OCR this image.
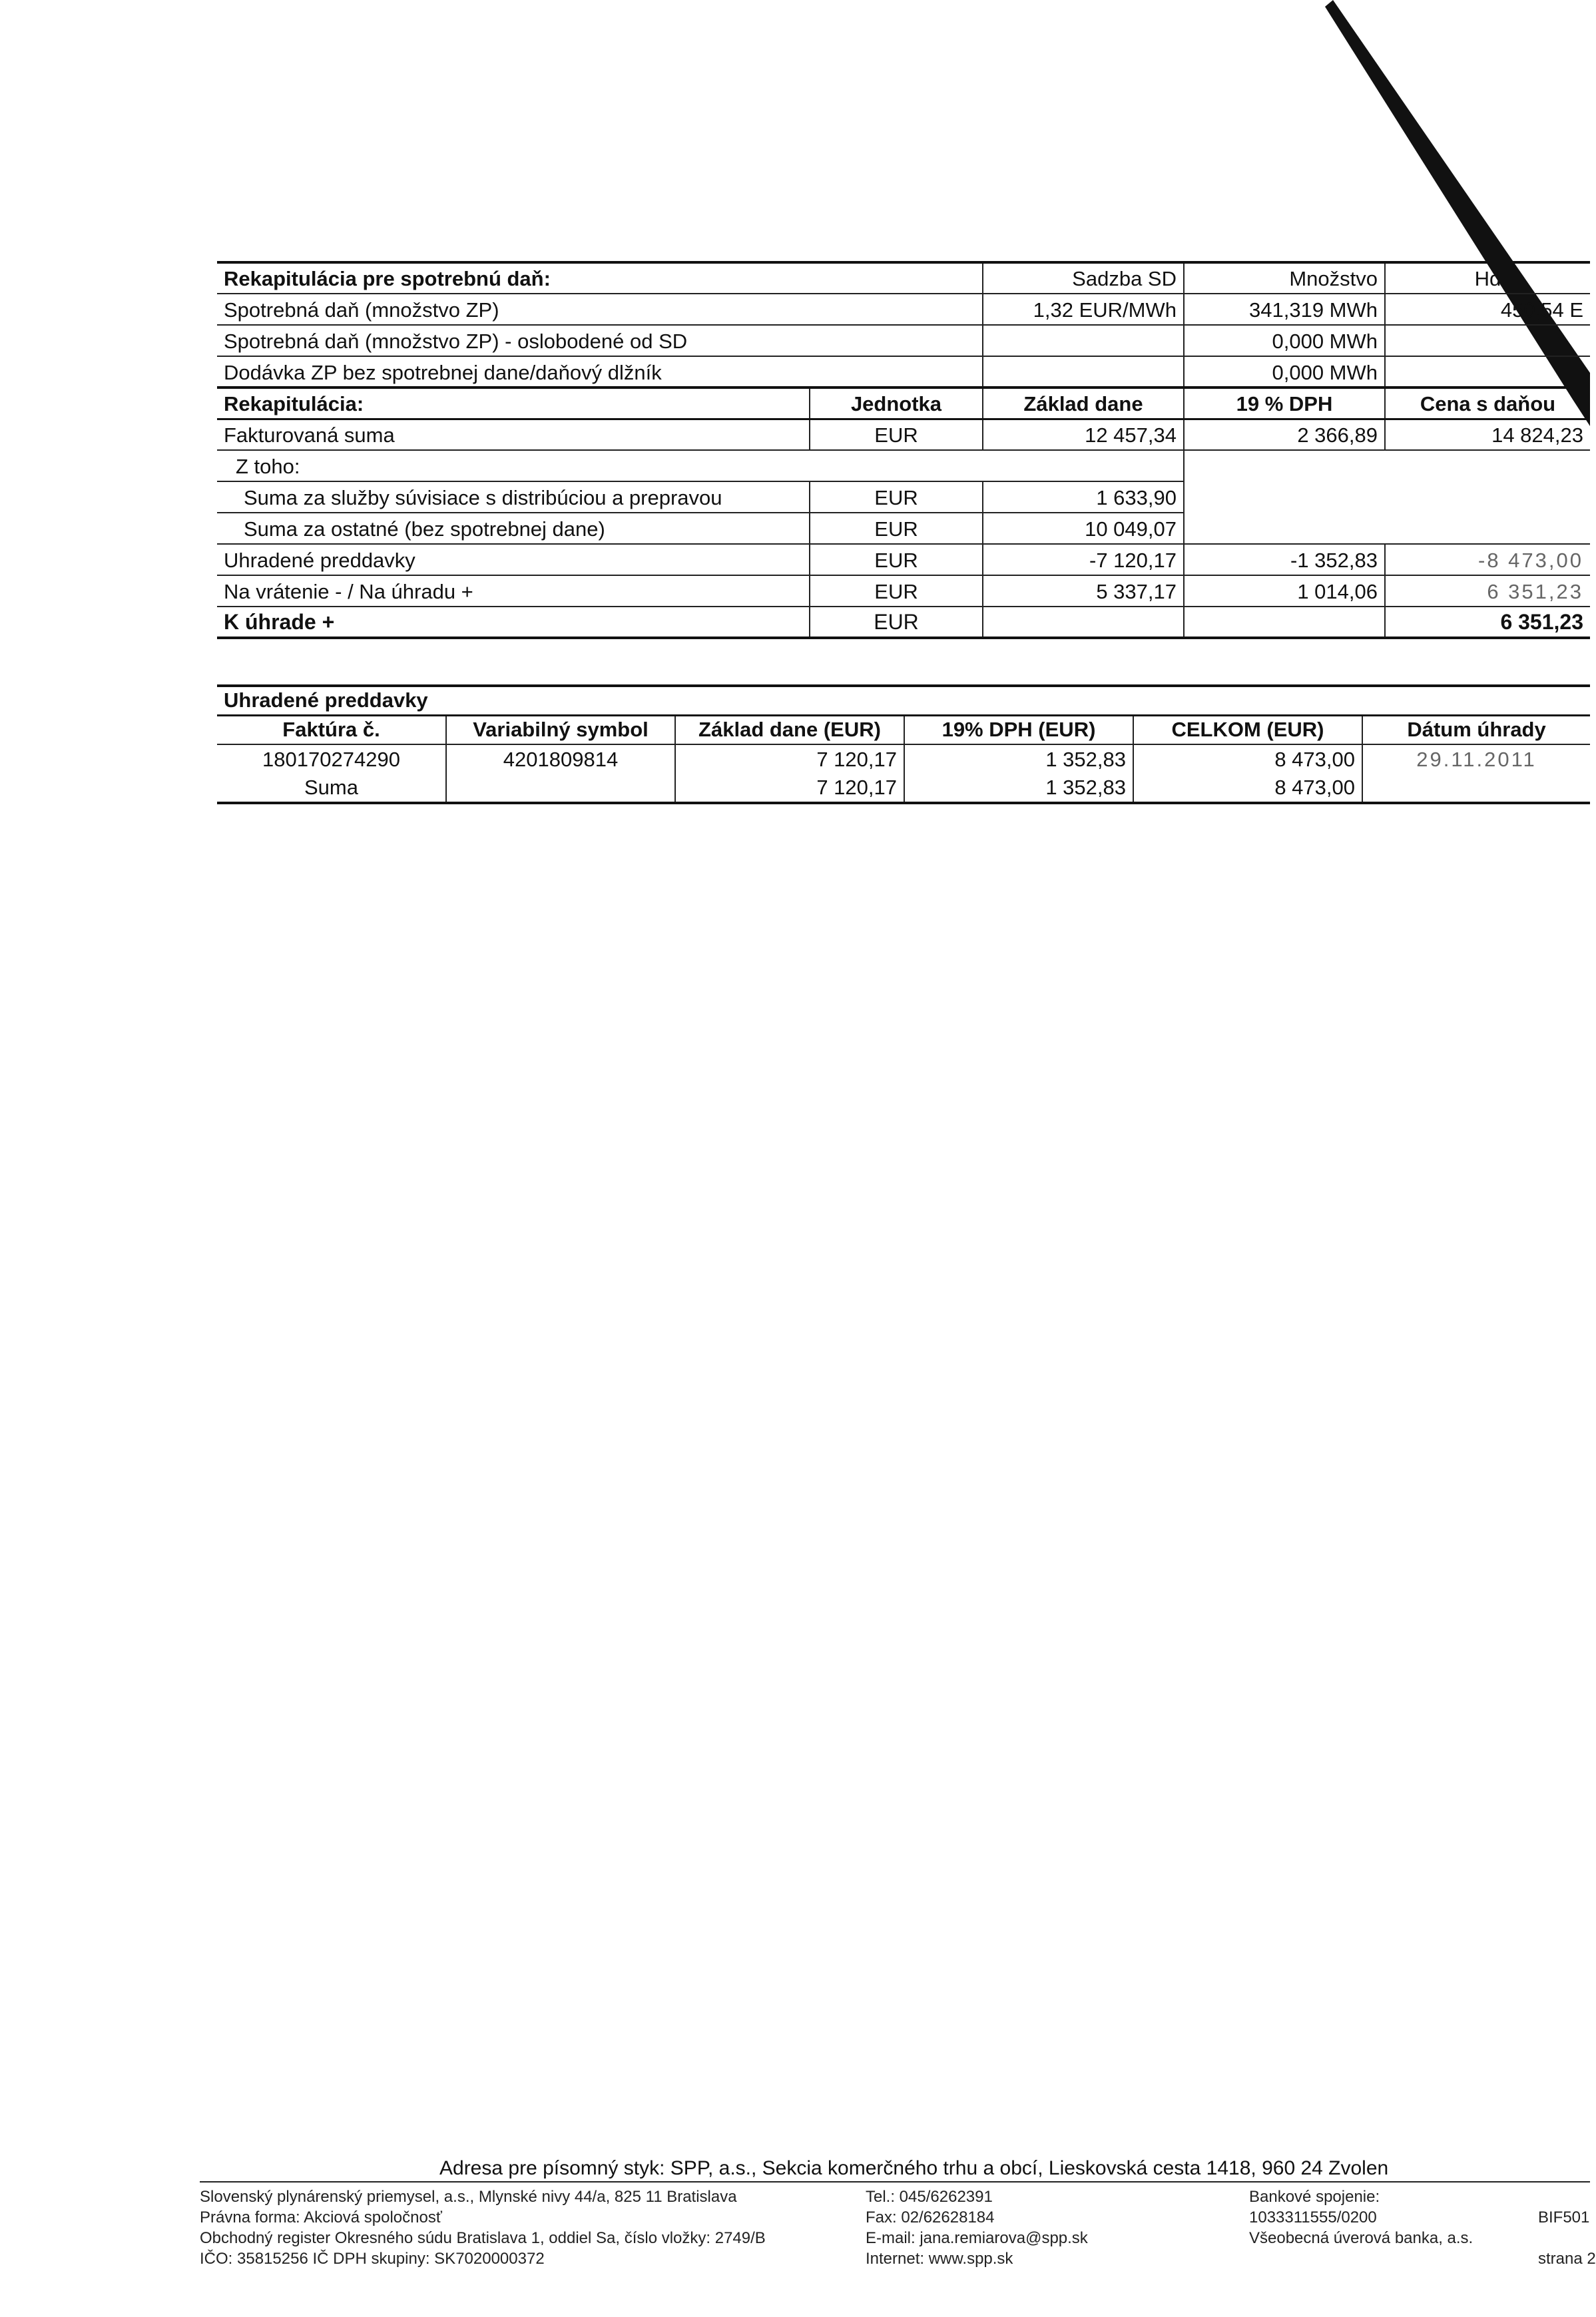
Rekapitulácia pre spotrebnú daň:	Sadzba SD	Množstvo	Hd
Spotrebná daň (množstvo ZP)	1,32 EUR/MWh	341,319 MWh	450,54 E
Spotrebná daň (množstvo ZP) - oslobodené od SD		0,000 MWh	
Dodávka ZP bez spotrebnej dane/daňový dlžník		0,000 MWh	
Rekapitulácia:	Jednotka	Základ dane	19 % DPH	Cena s daňou
Fakturovaná suma	EUR	12 457,34	2 366,89	14 824,23
Z toho:				
Suma za služby súvisiace s distribúciou a prepravou	EUR	1 633,90		
Suma za ostatné (bez spotrebnej dane)	EUR	10 049,07		
Uhradené preddavky	EUR	-7 120,17	-1 352,83	-8 473,00
Na vrátenie - / Na úhradu +	EUR	5 337,17	1 014,06	6 351,23
K úhrade +	EUR			6 351,23
Uhradené preddavky					
Faktúra č.	Variabilný symbol	Základ dane (EUR)	19% DPH (EUR)	CELKOM (EUR)	Dátum úhrady
180170274290	4201809814	7 120,17	1 352,83	8 473,00	29.11.2011
Suma		7 120,17	1 352,83	8 473,00	
Adresa pre písomný styk: SPP, a.s., Sekcia komerčného trhu a obcí, Lieskovská cesta 1418, 960 24 Zvolen
Slovenský plynárenský priemysel, a.s., Mlynské nivy 44/a, 825 11 Bratislava
Právna forma: Akciová spoločnosť
Obchodný register Okresného súdu Bratislava 1, oddiel Sa, číslo vložky: 2749/B
IČO: 35815256 IČ DPH skupiny: SK7020000372
Tel.: 045/6262391
Fax: 02/62628184
E-mail: jana.remiarova@spp.sk
Internet: www.spp.sk
Bankové spojenie:
1033311555/0200
Všeobecná úverová banka, a.s.
BIF501
strana 2
